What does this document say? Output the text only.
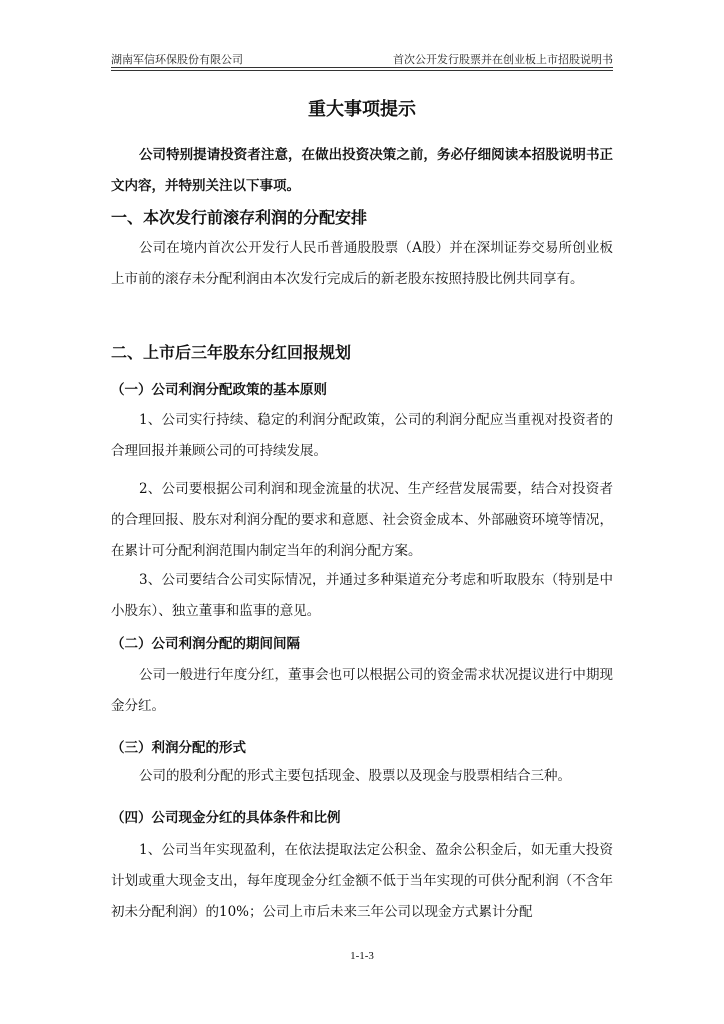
湖南军信环保股份有限公司	首次公开发行股票并在创业板上市招股说明书
重大事项提示
公司特别提请投资者注意，在做出投资决策之前，务必仔细阅读本招股说明书正文内容，并特别关注以下事项。
一、本次发行前滚存利润的分配安排
公司在境内首次公开发行人民币普通股股票（A股）并在深圳证券交易所创业板上市前的滚存未分配利润由本次发行完成后的新老股东按照持股比例共同享有。
二、上市后三年股东分红回报规划
（一）公司利润分配政策的基本原则
1、公司实行持续、稳定的利润分配政策，公司的利润分配应当重视对投资者的合理回报并兼顾公司的可持续发展。
2、公司要根据公司利润和现金流量的状况、生产经营发展需要，结合对投资者的合理回报、股东对利润分配的要求和意愿、社会资金成本、外部融资环境等情况，在累计可分配利润范围内制定当年的利润分配方案。
3、公司要结合公司实际情况，并通过多种渠道充分考虑和听取股东（特别是中小股东）、独立董事和监事的意见。
（二）公司利润分配的期间间隔
公司一般进行年度分红，董事会也可以根据公司的资金需求状况提议进行中期现金分红。
（三）利润分配的形式
公司的股利分配的形式主要包括现金、股票以及现金与股票相结合三种。
（四）公司现金分红的具体条件和比例
1、公司当年实现盈利，在依法提取法定公积金、盈余公积金后，如无重大投资计划或重大现金支出，每年度现金分红金额不低于当年实现的可供分配利润（不含年初未分配利润）的10%；公司上市后未来三年公司以现金方式累计分配
1-1-3
